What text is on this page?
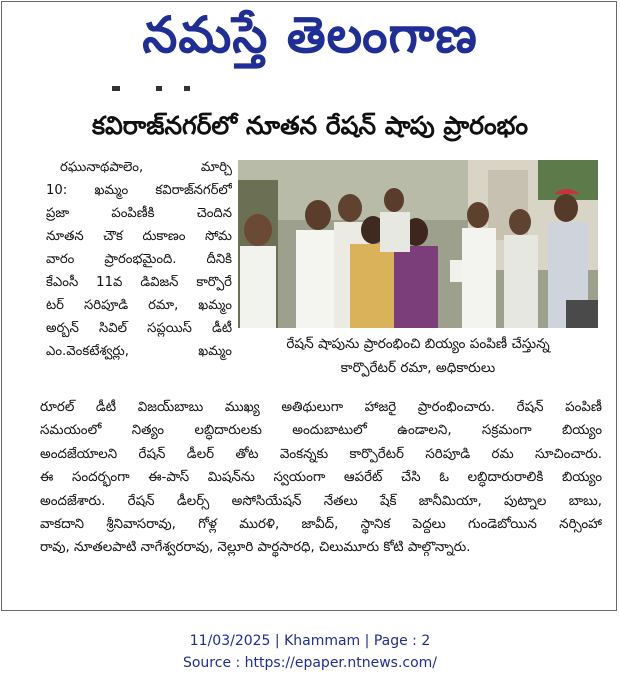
నమస్తే తెలంగాణ
కవిరాజ్‌నగర్‌లో నూతన రేషన్ షాపు ప్రారంభం
రఘునాథపాలెం, మార్చి
10: ఖమ్మం కవిరాజ్‌నగర్‌లో
ప్రజా పంపిణీకి చెందిన
నూతన చౌక దుకాణం సోమ
వారం ప్రారంభమైంది. దీనికి
కేఎంసీ 11వ డివిజన్ కార్పొరే
టర్ సరిపూడి రమా, ఖమ్మం
అర్బన్ సివిల్ సప్లయిస్ డీటీ
ఎం.వెంకటేశ్వర్లు, ఖమ్మం	రేషన్ షాపును ప్రారంభించి బియ్యం పంపిణీ చేస్తున్న
కార్పొరేటర్ రమా, అధికారులు
రూరల్ డీటీ విజయ్‌బాబు ముఖ్య అతిథులుగా హాజరై ప్రారంభించారు. రేషన్ పంపిణీ
సమయంలో నిత్యం లబ్ధిదారులకు అందుబాటులో ఉండాలని, సక్రమంగా బియ్యం
అందజేయాలని రేషన్ డీలర్ తోట వెంకన్నకు కార్పొరేటర్ సరిపూడి రమ సూచించారు.
ఈ సందర్భంగా ఈ-పాస్ మిషన్‌ను స్వయంగా ఆపరేట్ చేసి ఓ లబ్ధిదారురాలికి బియ్యం
అందజేశారు. రేషన్ డీలర్స్ అసోసియేషన్ నేతలు షేక్ జానీమియా, పుట్నాల బాబు,
వాకదాని శ్రీనివాసరావు, గోళ్ల మురళి, జావీద్, స్థానిక పెద్దలు గుండెబోయిన నర్సింహా
రావు, నూతలపాటి నాగేశ్వరరావు, నెల్లూరి పార్థసారధి, చిలుమూరు కోటి పాల్గొన్నారు.
11/03/2025 | Khammam | Page : 2
Source : https://epaper.ntnews.com/
